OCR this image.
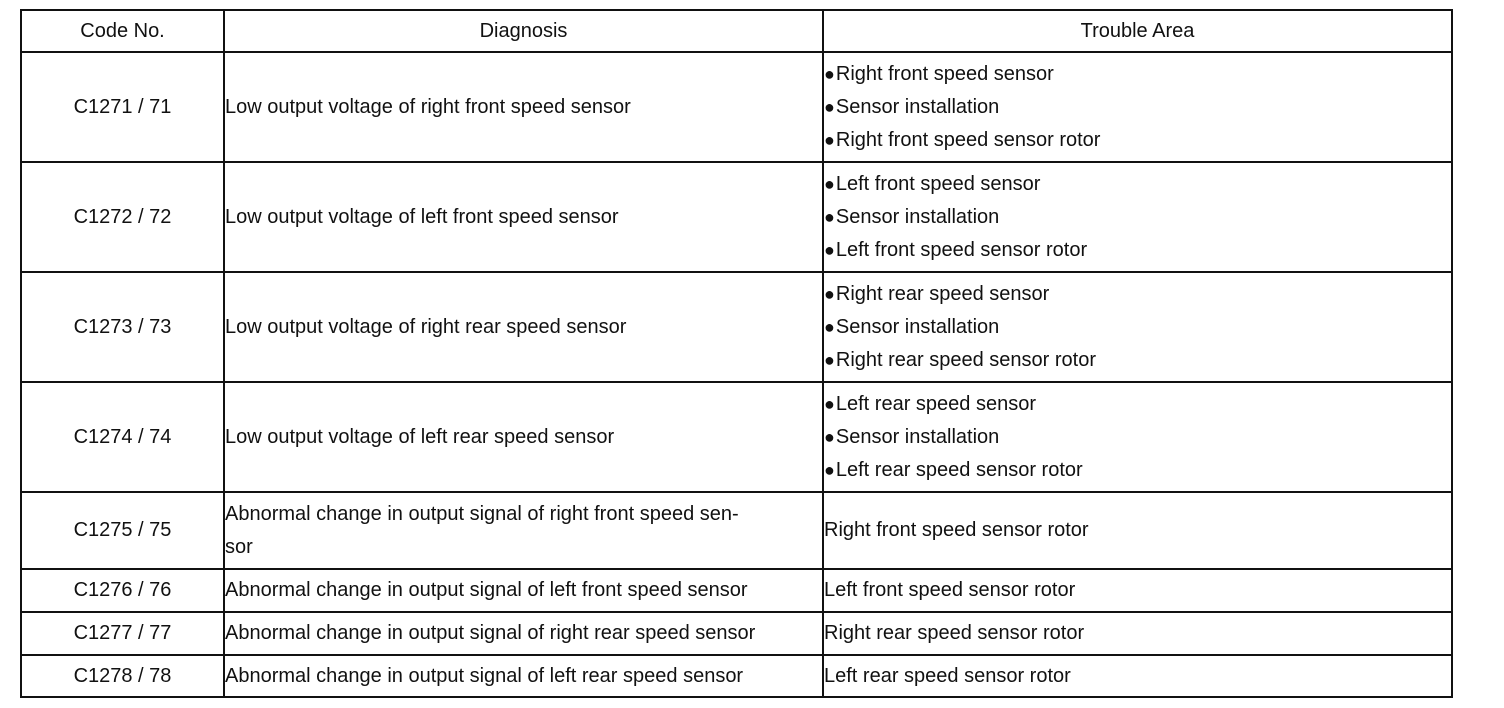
Code No.	Diagnosis	Trouble Area
C1271 / 71	Low output voltage of right front speed sensor	●Right front speed sensor
●Sensor installation
●Right front speed sensor rotor

C1272 / 72	Low output voltage of left front speed sensor	●Left front speed sensor
●Sensor installation
●Left front speed sensor rotor

C1273 / 73	Low output voltage of right rear speed sensor	●Right rear speed sensor
●Sensor installation
●Right rear speed sensor rotor

C1274 / 74	Low output voltage of left rear speed sensor	●Left rear speed sensor
●Sensor installation
●Left rear speed sensor rotor

C1275 / 75	Abnormal change in output signal of right front speed sen-
sor	Right front speed sensor rotor
C1276 / 76	Abnormal change in output signal of left front speed sensor	Left front speed sensor rotor
C1277 / 77	Abnormal change in output signal of right rear speed sensor	Right rear speed sensor rotor
C1278 / 78	Abnormal change in output signal of left rear speed sensor	Left rear speed sensor rotor
